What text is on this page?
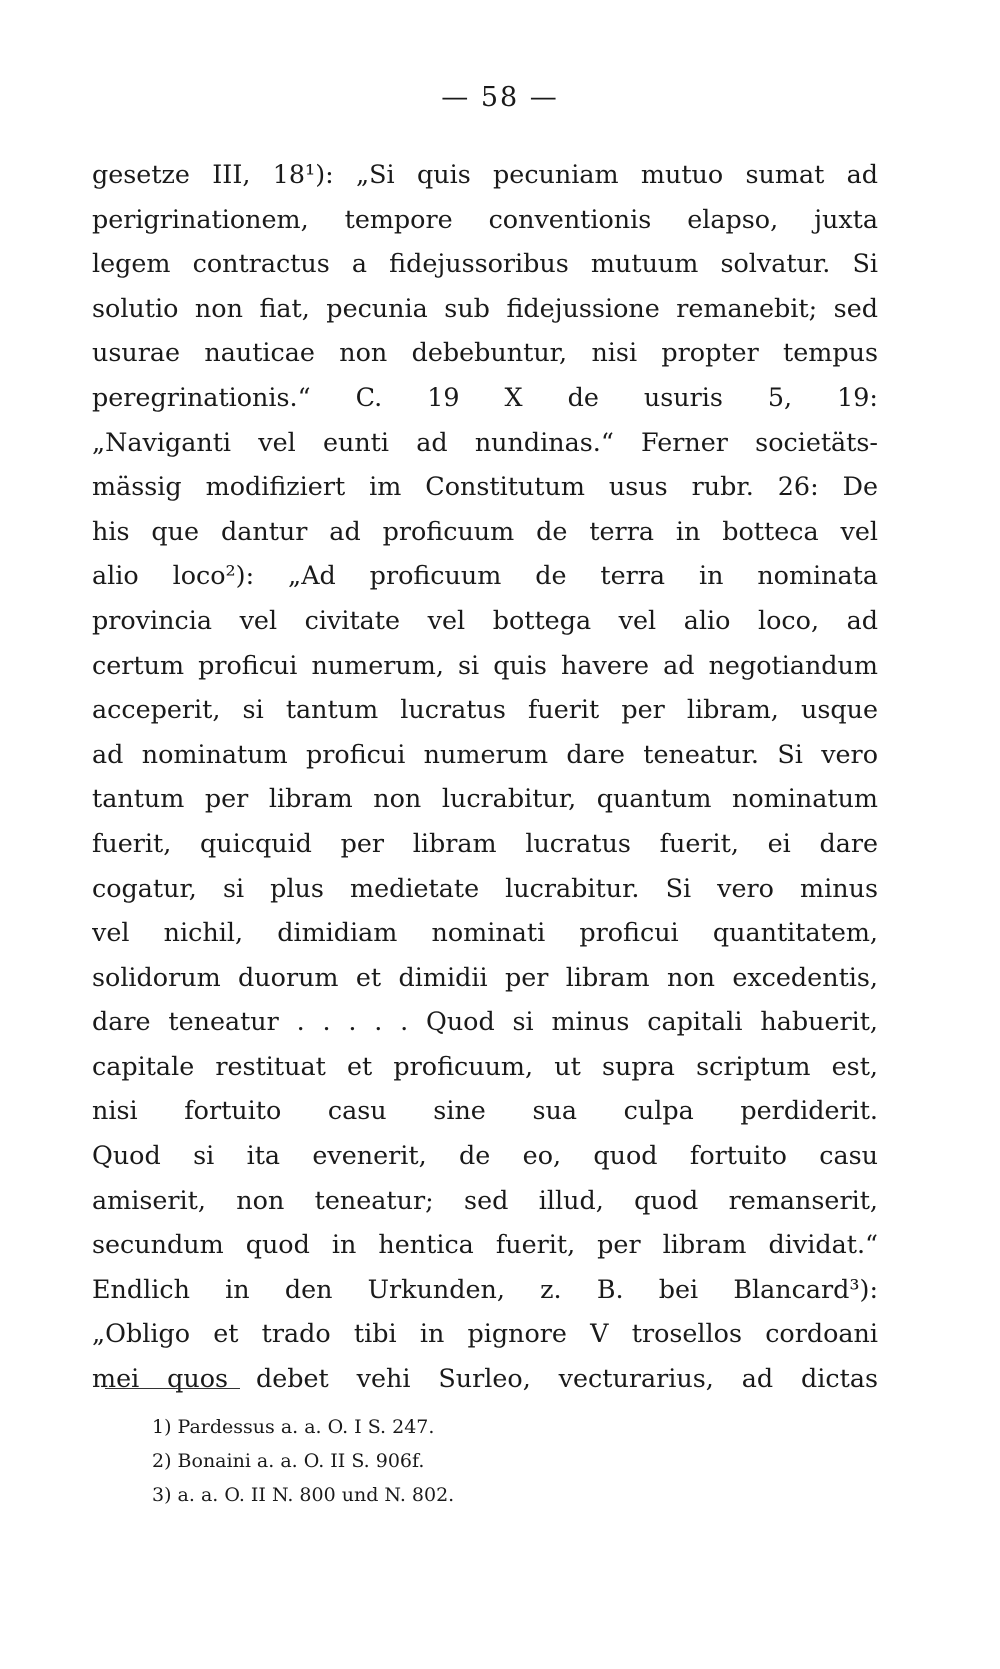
— 58 —
gesetze III, 18¹): „Si quis pecuniam mutuo sumat ad
perigrinationem, tempore conventionis elapso, juxta
legem contractus a fidejussoribus mutuum solvatur. Si
solutio non fiat, pecunia sub fidejussione remanebit; sed
usurae nauticae non debebuntur, nisi propter tempus
peregrinationis.“ C. 19 X de usuris 5, 19:
„Naviganti vel eunti ad nundinas.“ Ferner societäts-
mässig modifiziert im Constitutum usus rubr. 26: De
his que dantur ad proficuum de terra in botteca vel
alio loco²): „Ad proficuum de terra in nominata
provincia vel civitate vel bottega vel alio loco, ad
certum proficui numerum, si quis havere ad negotiandum
acceperit, si tantum lucratus fuerit per libram, usque
ad nominatum proficui numerum dare teneatur. Si vero
tantum per libram non lucrabitur, quantum nominatum
fuerit, quicquid per libram lucratus fuerit, ei dare
cogatur, si plus medietate lucrabitur. Si vero minus
vel nichil, dimidiam nominati proficui quantitatem,
solidorum duorum et dimidii per libram non excedentis,
dare teneatur . . . . . Quod si minus capitali habuerit,
capitale restituat et proficuum, ut supra scriptum est,
nisi fortuito casu sine sua culpa perdiderit.
Quod si ita evenerit, de eo, quod fortuito casu
amiserit, non teneatur; sed illud, quod remanserit,
secundum quod in hentica fuerit, per libram dividat.“
Endlich in den Urkunden, z. B. bei Blancard³):
„Obligo et trado tibi in pignore V trosellos cordoani
mei quos debet vehi Surleo, vecturarius, ad dictas
1) Pardessus a. a. O. I S. 247.
2) Bonaini a. a. O. II S. 906f.
3) a. a. O. II N. 800 und N. 802.
